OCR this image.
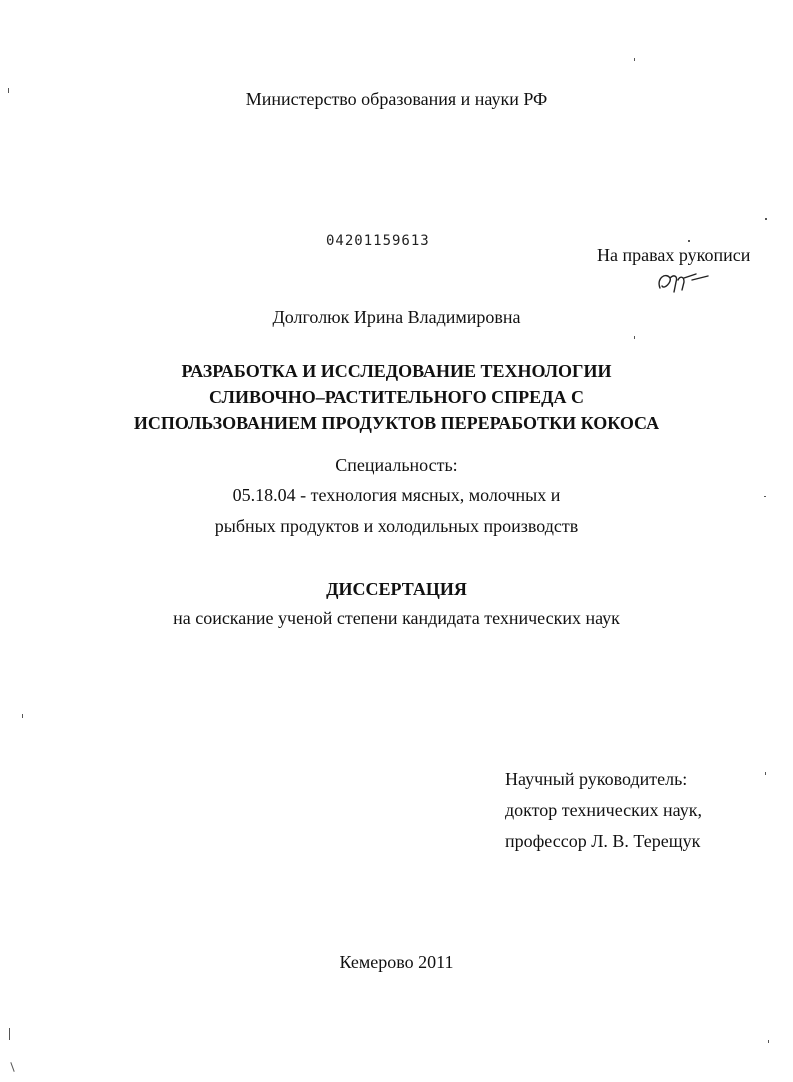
Министерство образования и науки РФ
04201159613
На правах рукописи
Долголюк Ирина Владимировна
РАЗРАБОТКА И ИССЛЕДОВАНИЕ ТЕХНОЛОГИИ
СЛИВОЧНО–РАСТИТЕЛЬНОГО СПРЕДА С
ИСПОЛЬЗОВАНИЕМ ПРОДУКТОВ ПЕРЕРАБОТКИ КОКОСА
Специальность:
05.18.04 - технология мясных, молочных и
рыбных продуктов и холодильных производств
ДИССЕРТАЦИЯ
на соискание ученой степени кандидата технических наук
Научный руководитель:
доктор технических наук,
профессор Л. В. Терещук
Кемерово 2011
